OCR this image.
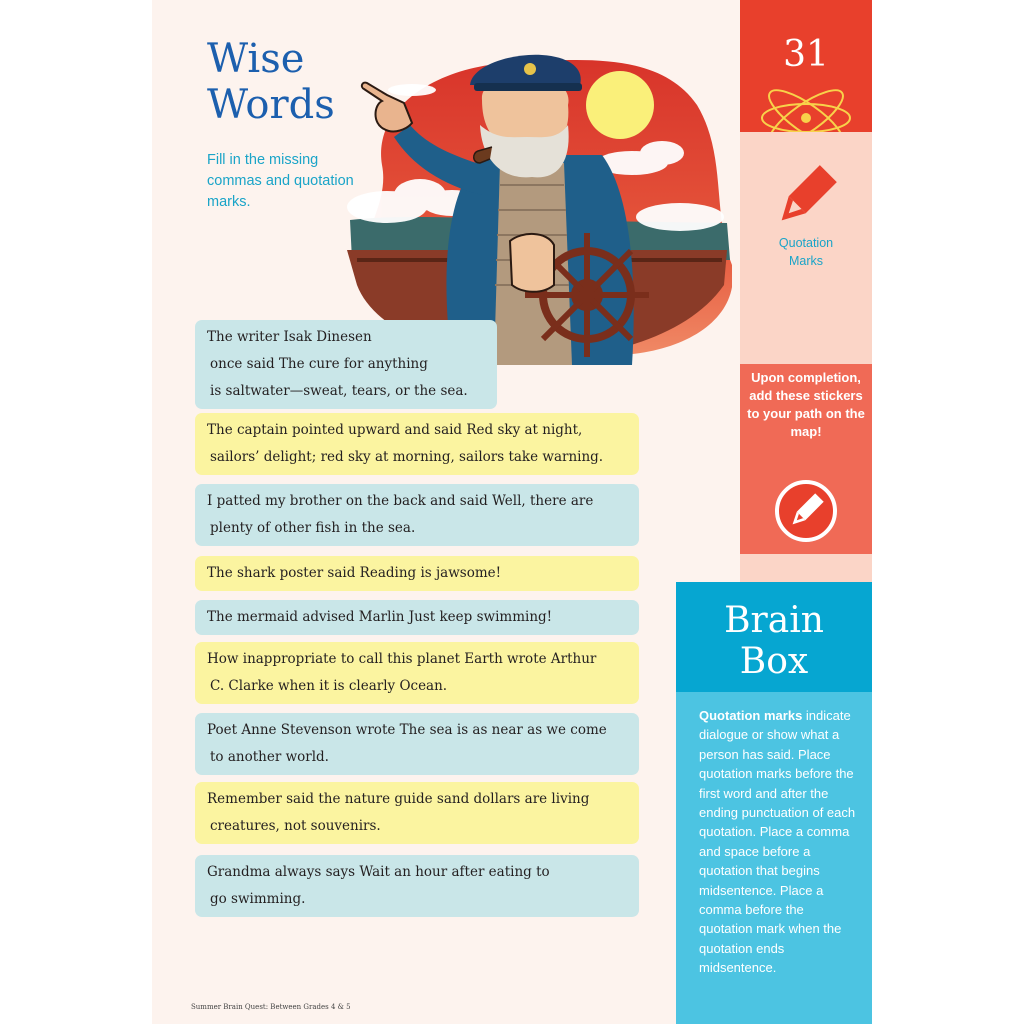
Wise
Words
Fill in the missing commas and quotation marks.
31
Quotation
Marks
Upon completion, add these stickers to your path on the map!
Brain
Box
Quotation marks indicate dialogue or show what a person has said. Place quotation marks before the first word and after the ending punctuation of each quotation. Place a comma and space before a quotation that begins midsentence. Place a comma before the quotation mark when the quotation ends midsentence.
The writer Isak Dinesen
once said The cure for anything
is saltwater—sweat, tears, or the sea.
The captain pointed upward and said Red sky at night,
sailors’ delight; red sky at morning, sailors take warning.
I patted my brother on the back and said Well, there are
plenty of other fish in the sea.
The shark poster said Reading is jawsome!
The mermaid advised Marlin Just keep swimming!
How inappropriate to call this planet Earth wrote Arthur
C. Clarke when it is clearly Ocean.
Poet Anne Stevenson wrote The sea is as near as we come
to another world.
Remember said the nature guide sand dollars are living
creatures, not souvenirs.
Grandma always says Wait an hour after eating to
go swimming.
Summer Brain Quest: Between Grades 4 & 5
